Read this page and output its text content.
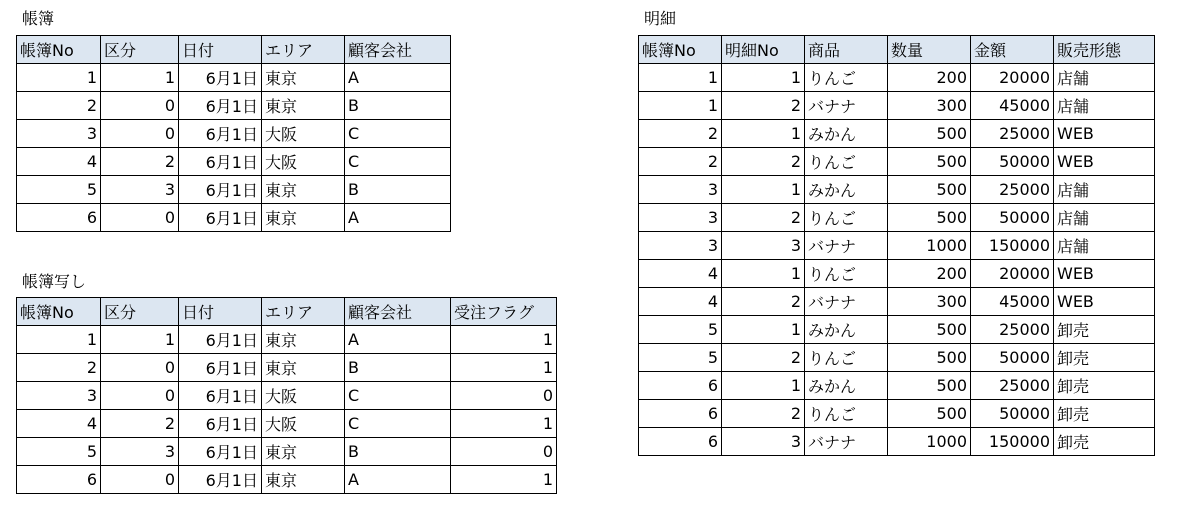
帳簿
帳簿No	区分	日付	エリア	顧客会社
1	1	6月1日	東京	A
2	0	6月1日	東京	B
3	0	6月1日	大阪	C
4	2	6月1日	大阪	C
5	3	6月1日	東京	B
6	0	6月1日	東京	A
帳簿写し
帳簿No	区分	日付	エリア	顧客会社	受注フラグ
1	1	6月1日	東京	A	1
2	0	6月1日	東京	B	1
3	0	6月1日	大阪	C	0
4	2	6月1日	大阪	C	1
5	3	6月1日	東京	B	0
6	0	6月1日	東京	A	1
明細
帳簿No	明細No	商品	数量	金額	販売形態
1	1	りんご	200	20000	店舗
1	2	バナナ	300	45000	店舗
2	1	みかん	500	25000	WEB
2	2	りんご	500	50000	WEB
3	1	みかん	500	25000	店舗
3	2	りんご	500	50000	店舗
3	3	バナナ	1000	150000	店舗
4	1	りんご	200	20000	WEB
4	2	バナナ	300	45000	WEB
5	1	みかん	500	25000	卸売
5	2	りんご	500	50000	卸売
6	1	みかん	500	25000	卸売
6	2	りんご	500	50000	卸売
6	3	バナナ	1000	150000	卸売
